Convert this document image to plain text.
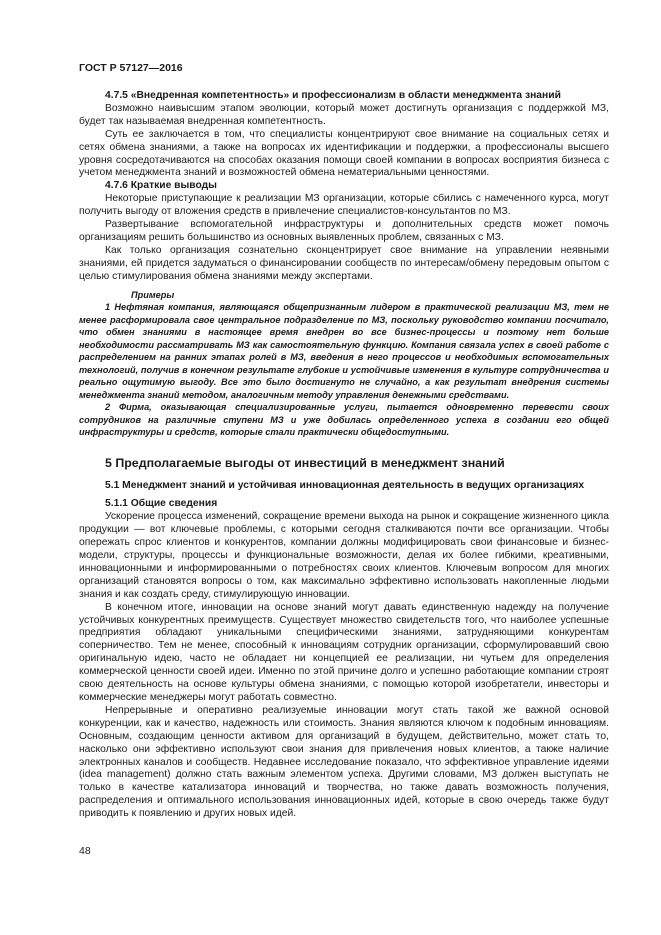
ГОСТ Р 57127—2016

4.7.5 «Внедренная компетентность» и профессионализм в области менеджмента знаний

Возможно наивысшим этапом эволюции, который может достигнуть организация с поддержкой МЗ, будет так называемая внедренная компетентность.

Суть ее заключается в том, что специалисты концентрируют свое внимание на социальных сетях и сетях обмена знаниями, а также на вопросах их идентификации и поддержки, а профессионалы высшего уровня сосредотачиваются на способах оказания помощи своей компании в вопросах восприятия бизнеса с учетом менеджмента знаний и возможностей обмена нематериальными ценностями.

4.7.6 Краткие выводы

Некоторые приступающие к реализации МЗ организации, которые сбились с намеченного курса, могут получить выгоду от вложения средств в привлечение специалистов-консультантов по МЗ.

Развертывание вспомогательной инфраструктуры и дополнительных средств может помочь организациям решить большинство из основных выявленных проблем, связанных с МЗ.

Как только организация сознательно сконцентрирует свое внимание на управлении неявными знаниями, ей придется задуматься о финансировании сообществ по интересам/обмену передовым опытом с целью стимулирования обмена знаниями между экспертами.

Примеры

1 Нефтяная компания, являющаяся общепризнанным лидером в практической реализации МЗ, тем не менее расформировала свое центральное подразделение по МЗ, поскольку руководство компании посчитало, что обмен знаниями в настоящее время внедрен во все бизнес-процессы и поэтому нет больше необходимости рассматривать МЗ как самостоятельную функцию. Компания связала успех в своей работе с распределением на ранних этапах ролей в МЗ, введения в него процессов и необходимых вспомогательных технологий, получив в конечном результате глубокие и устойчивые изменения в культуре сотрудничества и реально ощутимую выгоду. Все это было достигнуто не случайно, а как результат внедрения системы менеджмента знаний методом, аналогичным методу управления денежными средствами.

2 Фирма, оказывающая специализированные услуги, пытается одновременно перевести своих сотрудников на различные ступени МЗ и уже добилась определенного успеха в создании его общей инфраструктуры и средств, которые стали практически общедоступными.

5 Предполагаемые выгоды от инвестиций в менеджмент знаний

5.1 Менеджмент знаний и устойчивая инновационная деятельность в ведущих организациях

5.1.1 Общие сведения

Ускорение процесса изменений, сокращение времени выхода на рынок и сокращение жизненного цикла продукции — вот ключевые проблемы, с которыми сегодня сталкиваются почти все организации. Чтобы опережать спрос клиентов и конкурентов, компании должны модифицировать свои финансовые и бизнес-модели, структуры, процессы и функциональные возможности, делая их более гибкими, креативными, инновационными и информированными о потребностях своих клиентов. Ключевым вопросом для многих организаций становятся вопросы о том, как максимально эффективно использовать накопленные людьми знания и как создать среду, стимулирующую инновации.

В конечном итоге, инновации на основе знаний могут давать единственную надежду на получение устойчивых конкурентных преимуществ. Существует множество свидетельств того, что наиболее успешные предприятия обладают уникальными специфическими знаниями, затрудняющими конкурентам соперничество. Тем не менее, способный к инновациям сотрудник организации, сформулировавший свою оригинальную идею, часто не обладает ни концепцией ее реализации, ни чутьем для определения коммерческой ценности своей идеи. Именно по этой причине долго и успешно работающие компании строят свою деятельность на основе культуры обмена знаниями, с помощью которой изобретатели, инвесторы и коммерческие менеджеры могут работать совместно.

Непрерывные и оперативно реализуемые инновации могут стать такой же важной основой конкуренции, как и качество, надежность или стоимость. Знания являются ключом к подобным инновациям. Основным, создающим ценности активом для организаций в будущем, действительно, может стать то, насколько они эффективно используют свои знания для привлечения новых клиентов, а также наличие электронных каналов и сообществ. Недавнее исследование показало, что эффективное управление идеями (idea management) должно стать важным элементом успеха. Другими словами, МЗ должен выступать не только в качестве катализатора инноваций и творчества, но также давать возможность получения, распределения и оптимального использования инновационных идей, которые в свою очередь также будут приводить к появлению и других новых идей.

48
